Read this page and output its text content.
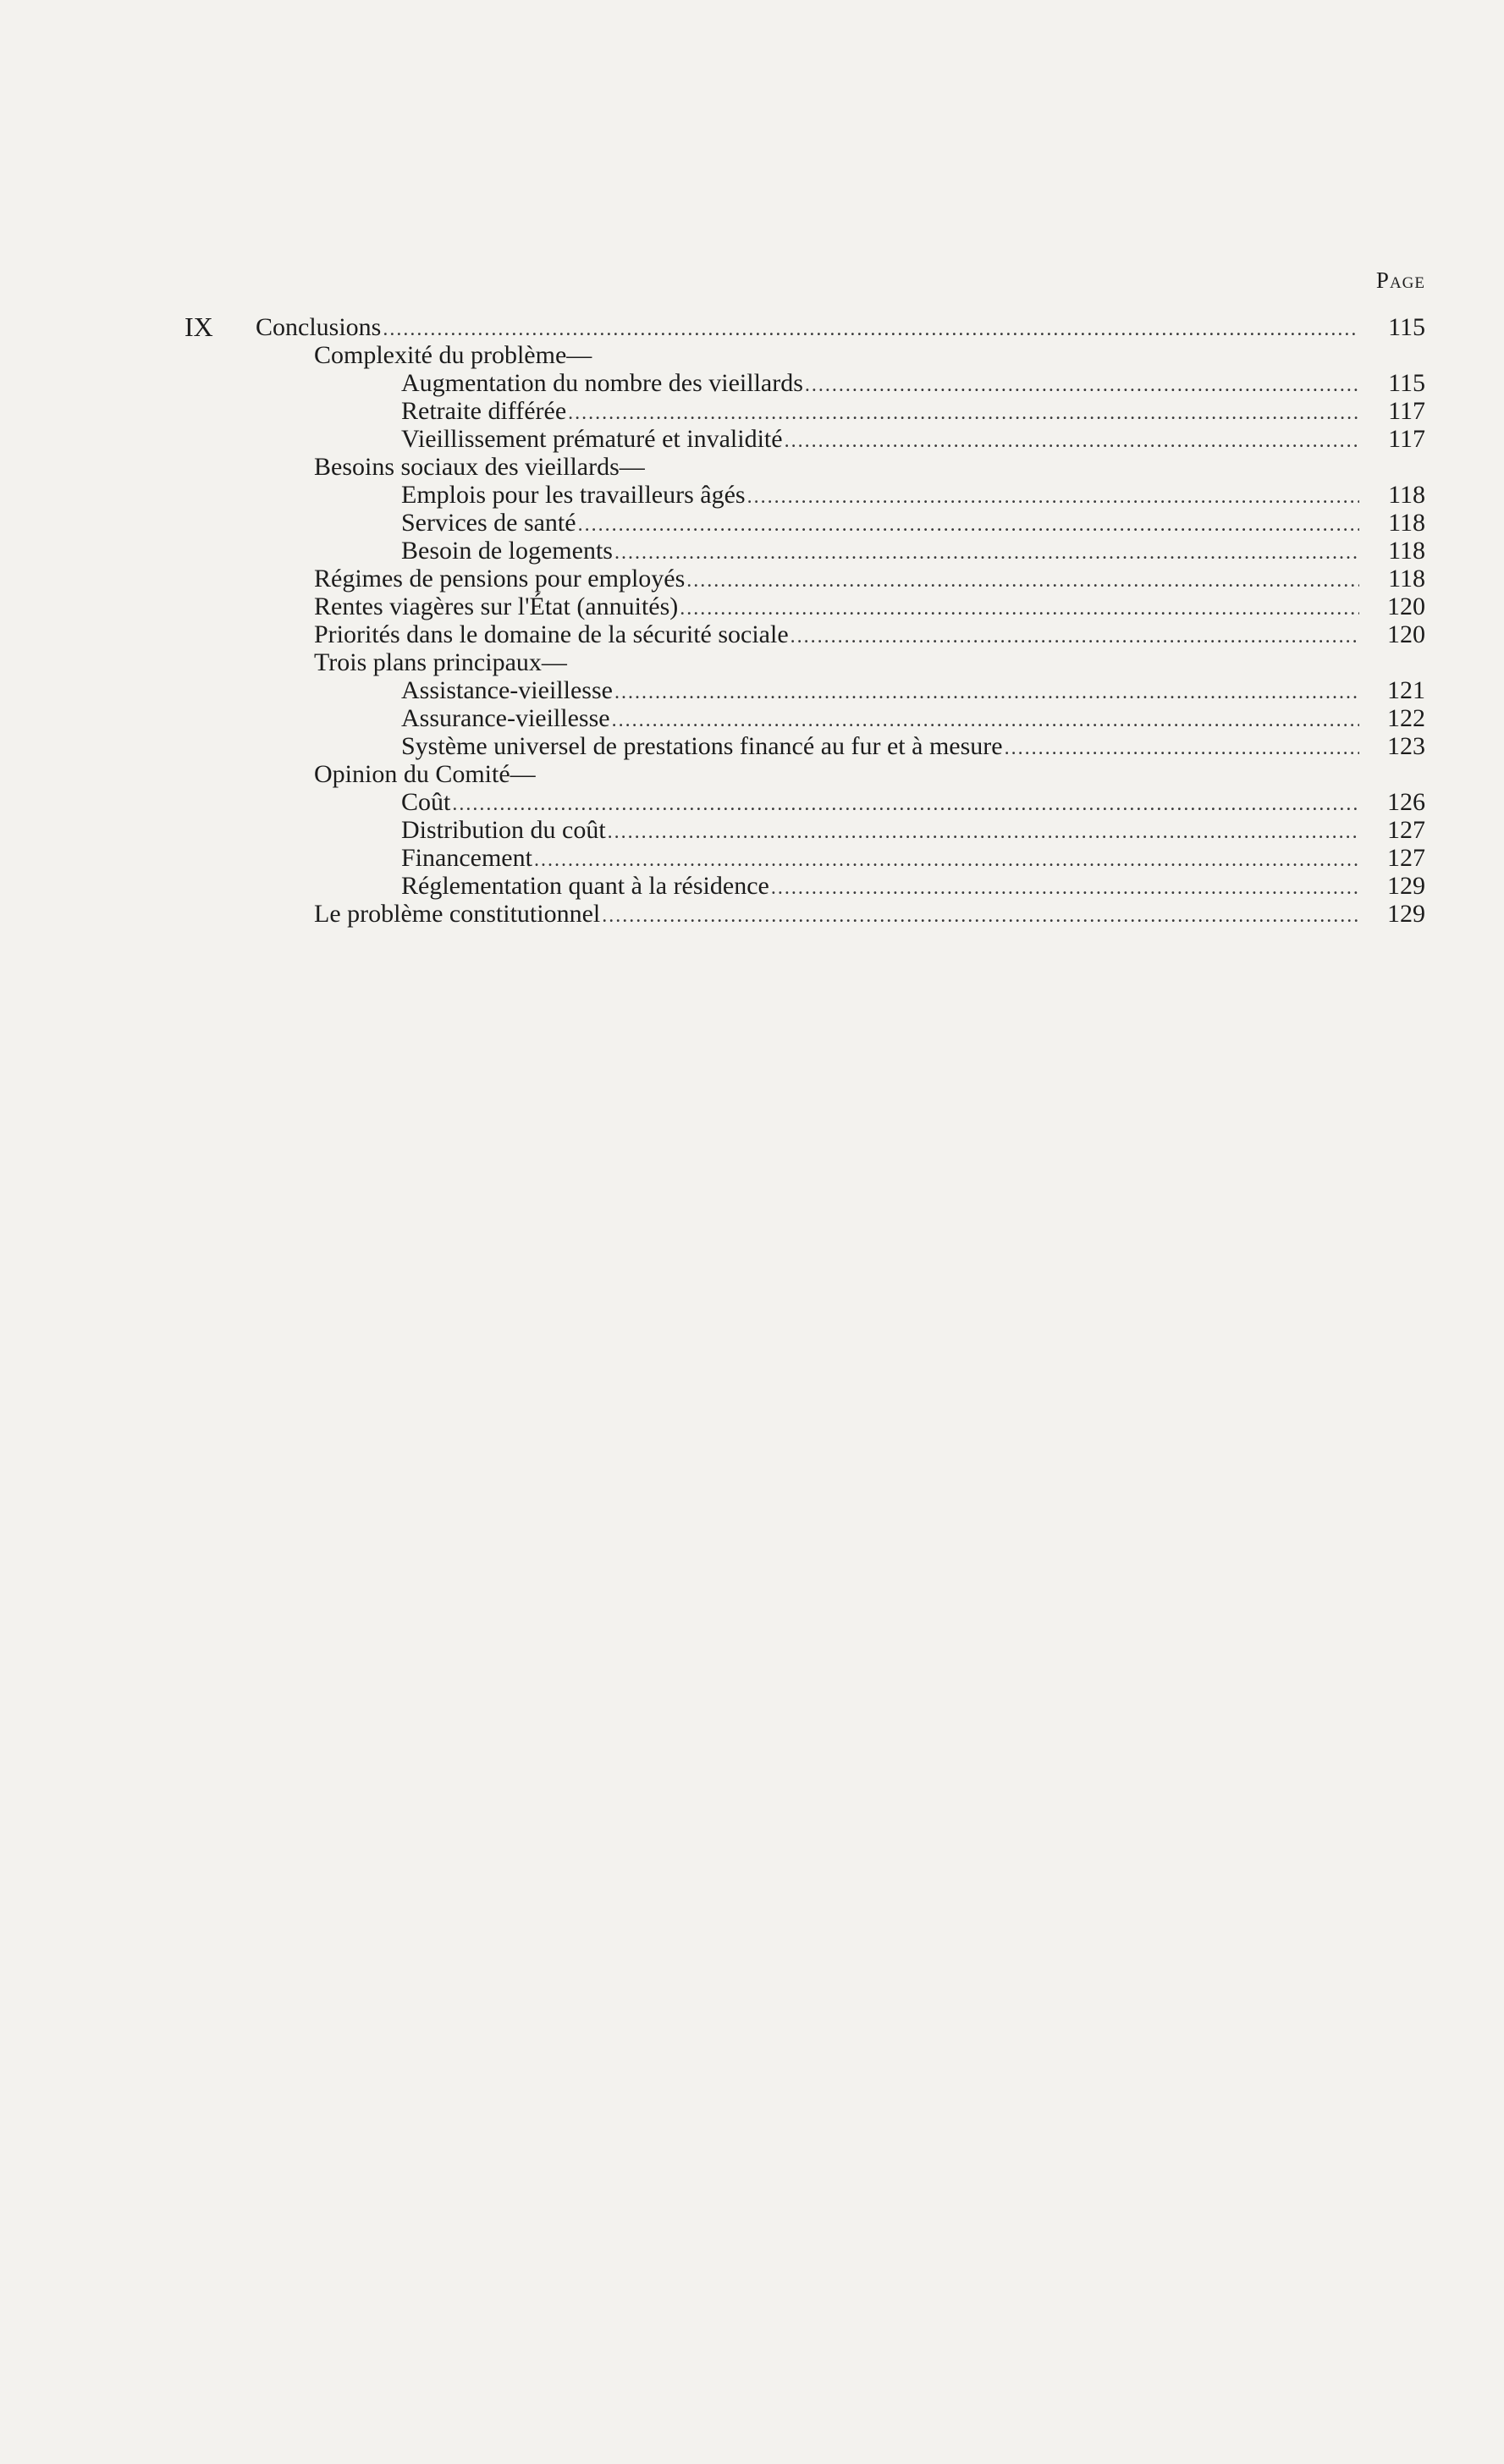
Page
IX	Conclusions .....	115
Complexité du problème—
Augmentation du nombre des vieillards .....	115
Retraite différée .....	117
Vieillissement prématuré et invalidité .....	117
Besoins sociaux des vieillards—
Emplois pour les travailleurs âgés .....	118
Services de santé .....	118
Besoin de logements .....	118
Régimes de pensions pour employés .....	118
Rentes viagères sur l'État (annuités) .....	120
Priorités dans le domaine de la sécurité sociale .....	120
Trois plans principaux—
Assistance-vieillesse .....	121
Assurance-vieillesse .....	122
Système universel de prestations financé au fur et à mesure .....	123
Opinion du Comité—
Coût .....	126
Distribution du coût .....	127
Financement .....	127
Réglementation quant à la résidence .....	129
Le problème constitutionnel .....	129
